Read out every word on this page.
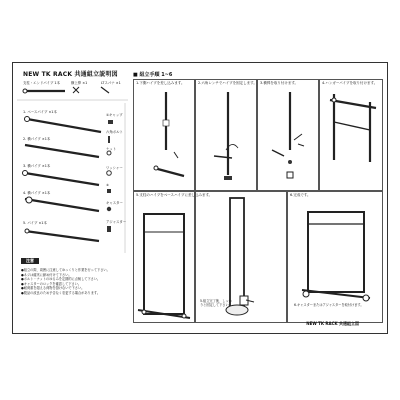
NEW TK RACK 共通組立説明図	■ 組立手順 1~6
支柱・エンドパイプ 1本	横上棒 ×1	LTスパナ ×1
1. ベースパイプ ×1本
2. 横パイプ ×1本
3. 横パイプ ×1本
4. 横パイプ ×1本
5. パイプ ×1本
①キャップ
六角ボルト
ナット
ワッシャー
②
キャスター
アジャスター
注意
●組立の際、周囲に注意してゆっくりと作業を行って下さい。
●ネジは確実に締め付けて下さい。
●ボルト・ナットのゆるみを定期的に点検して下さい。
●キャスターのロックを確認して下さい。
●耐荷重を超える荷物を掛けないで下さい。
●製品の改良のため予告なく変更する場合があります。
1.下側ハイプを差し込みます。	2.六角レンチでハイプを固定します。 3.横棒を取り付けます。	4.ハンガーパイプを取り付けます。
5.支柱のハイプをベースハイプに差し込みます。
5.組立完了後、しっかりと固定して下さい。
6.完成です。
6.キャスターまたはアジャスターを取付けます。
NEW TK RACK 共通組立図
